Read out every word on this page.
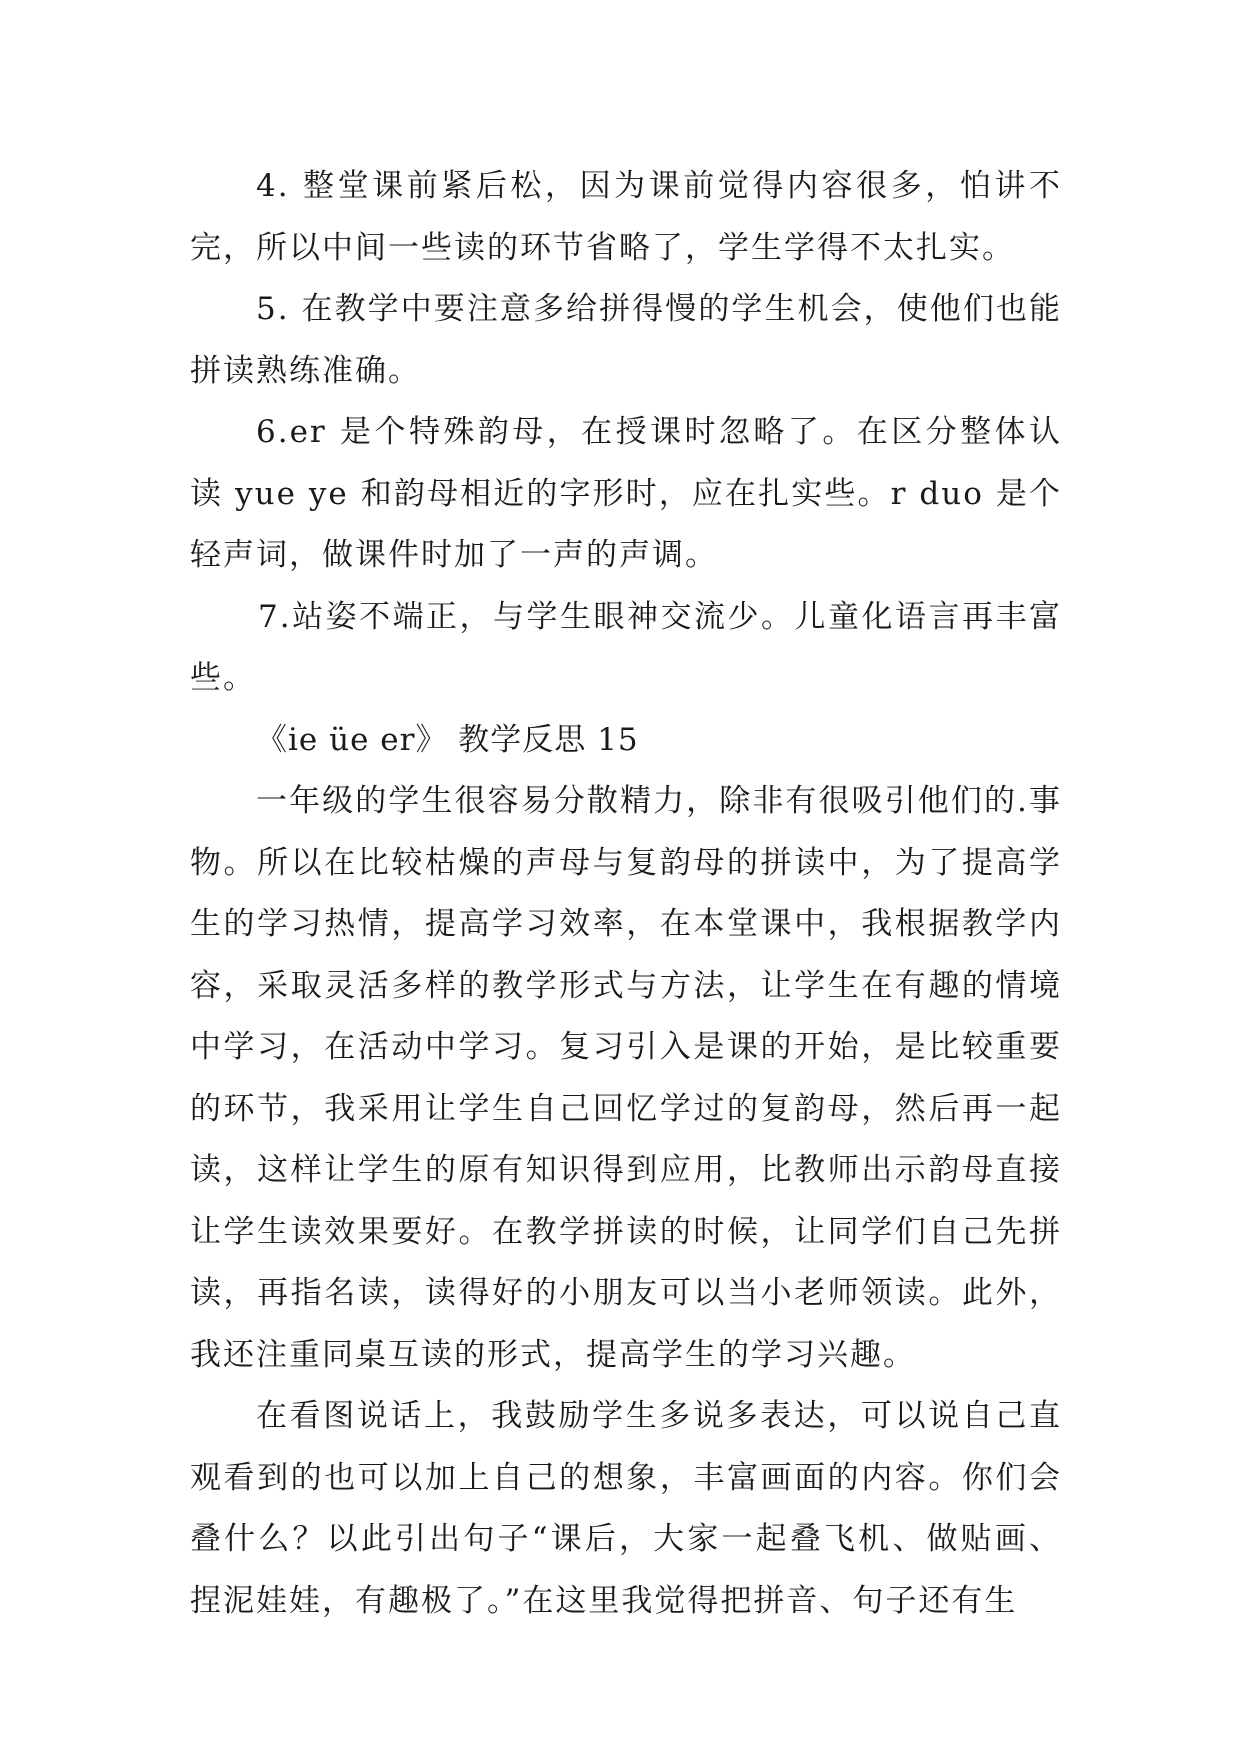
4. 整堂课前紧后松，因为课前觉得内容很多，怕讲不完，所以中间一些读的环节省略了，学生学得不太扎实。

5. 在教学中要注意多给拼得慢的学生机会，使他们也能拼读熟练准确。

6.er 是个特殊韵母，在授课时忽略了。在区分整体认读 yue ye 和韵母相近的字形时，应在扎实些。r duo 是个轻声词，做课件时加了一声的声调。

7.站姿不端正，与学生眼神交流少。儿童化语言再丰富些。

《ie üe er》 教学反思 15

一年级的学生很容易分散精力，除非有很吸引他们的.事物。所以在比较枯燥的声母与复韵母的拼读中，为了提高学生的学习热情，提高学习效率，在本堂课中，我根据教学内容，采取灵活多样的教学形式与方法，让学生在有趣的情境中学习，在活动中学习。复习引入是课的开始，是比较重要的环节，我采用让学生自己回忆学过的复韵母，然后再一起读，这样让学生的原有知识得到应用，比教师出示韵母直接让学生读效果要好。在教学拼读的时候，让同学们自己先拼读，再指名读，读得好的小朋友可以当小老师领读。此外，我还注重同桌互读的形式，提高学生的学习兴趣。

在看图说话上，我鼓励学生多说多表达，可以说自己直观看到的也可以加上自己的想象，丰富画面的内容。你们会叠什么？以此引出句子“课后，大家一起叠飞机、做贴画、捏泥娃娃，有趣极了。”在这里我觉得把拼音、句子还有生
